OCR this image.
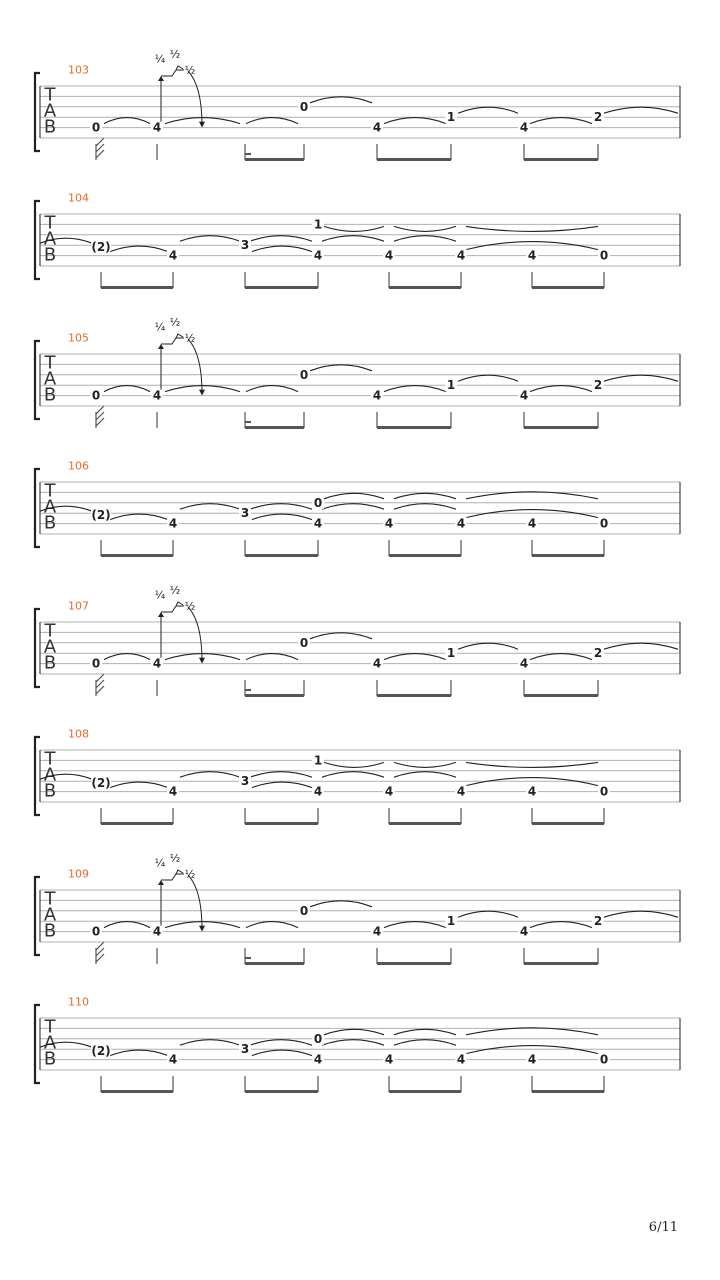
T
A
B
103
0	4
0
4
1
4
2
¼ ½
½
T
A
B
104
1
(2)
4
3
4	4	4	4	0
T
A
B
105
0	4
0
4
1
4
2
¼ ½
½
T
A
B
106
0
(2)
4
3
4	4	4	4	0
T
A
B
107
0	4
0
4
1
4
2
¼ ½
½
T
A
B
108
1
(2)
4
3
4	4	4	4	0
T
A
B
109
0	4
0
4
1
4
2
¼ ½
½
T
A
B
110
0
(2)
4
3
4	4	4	4	0
6/11
